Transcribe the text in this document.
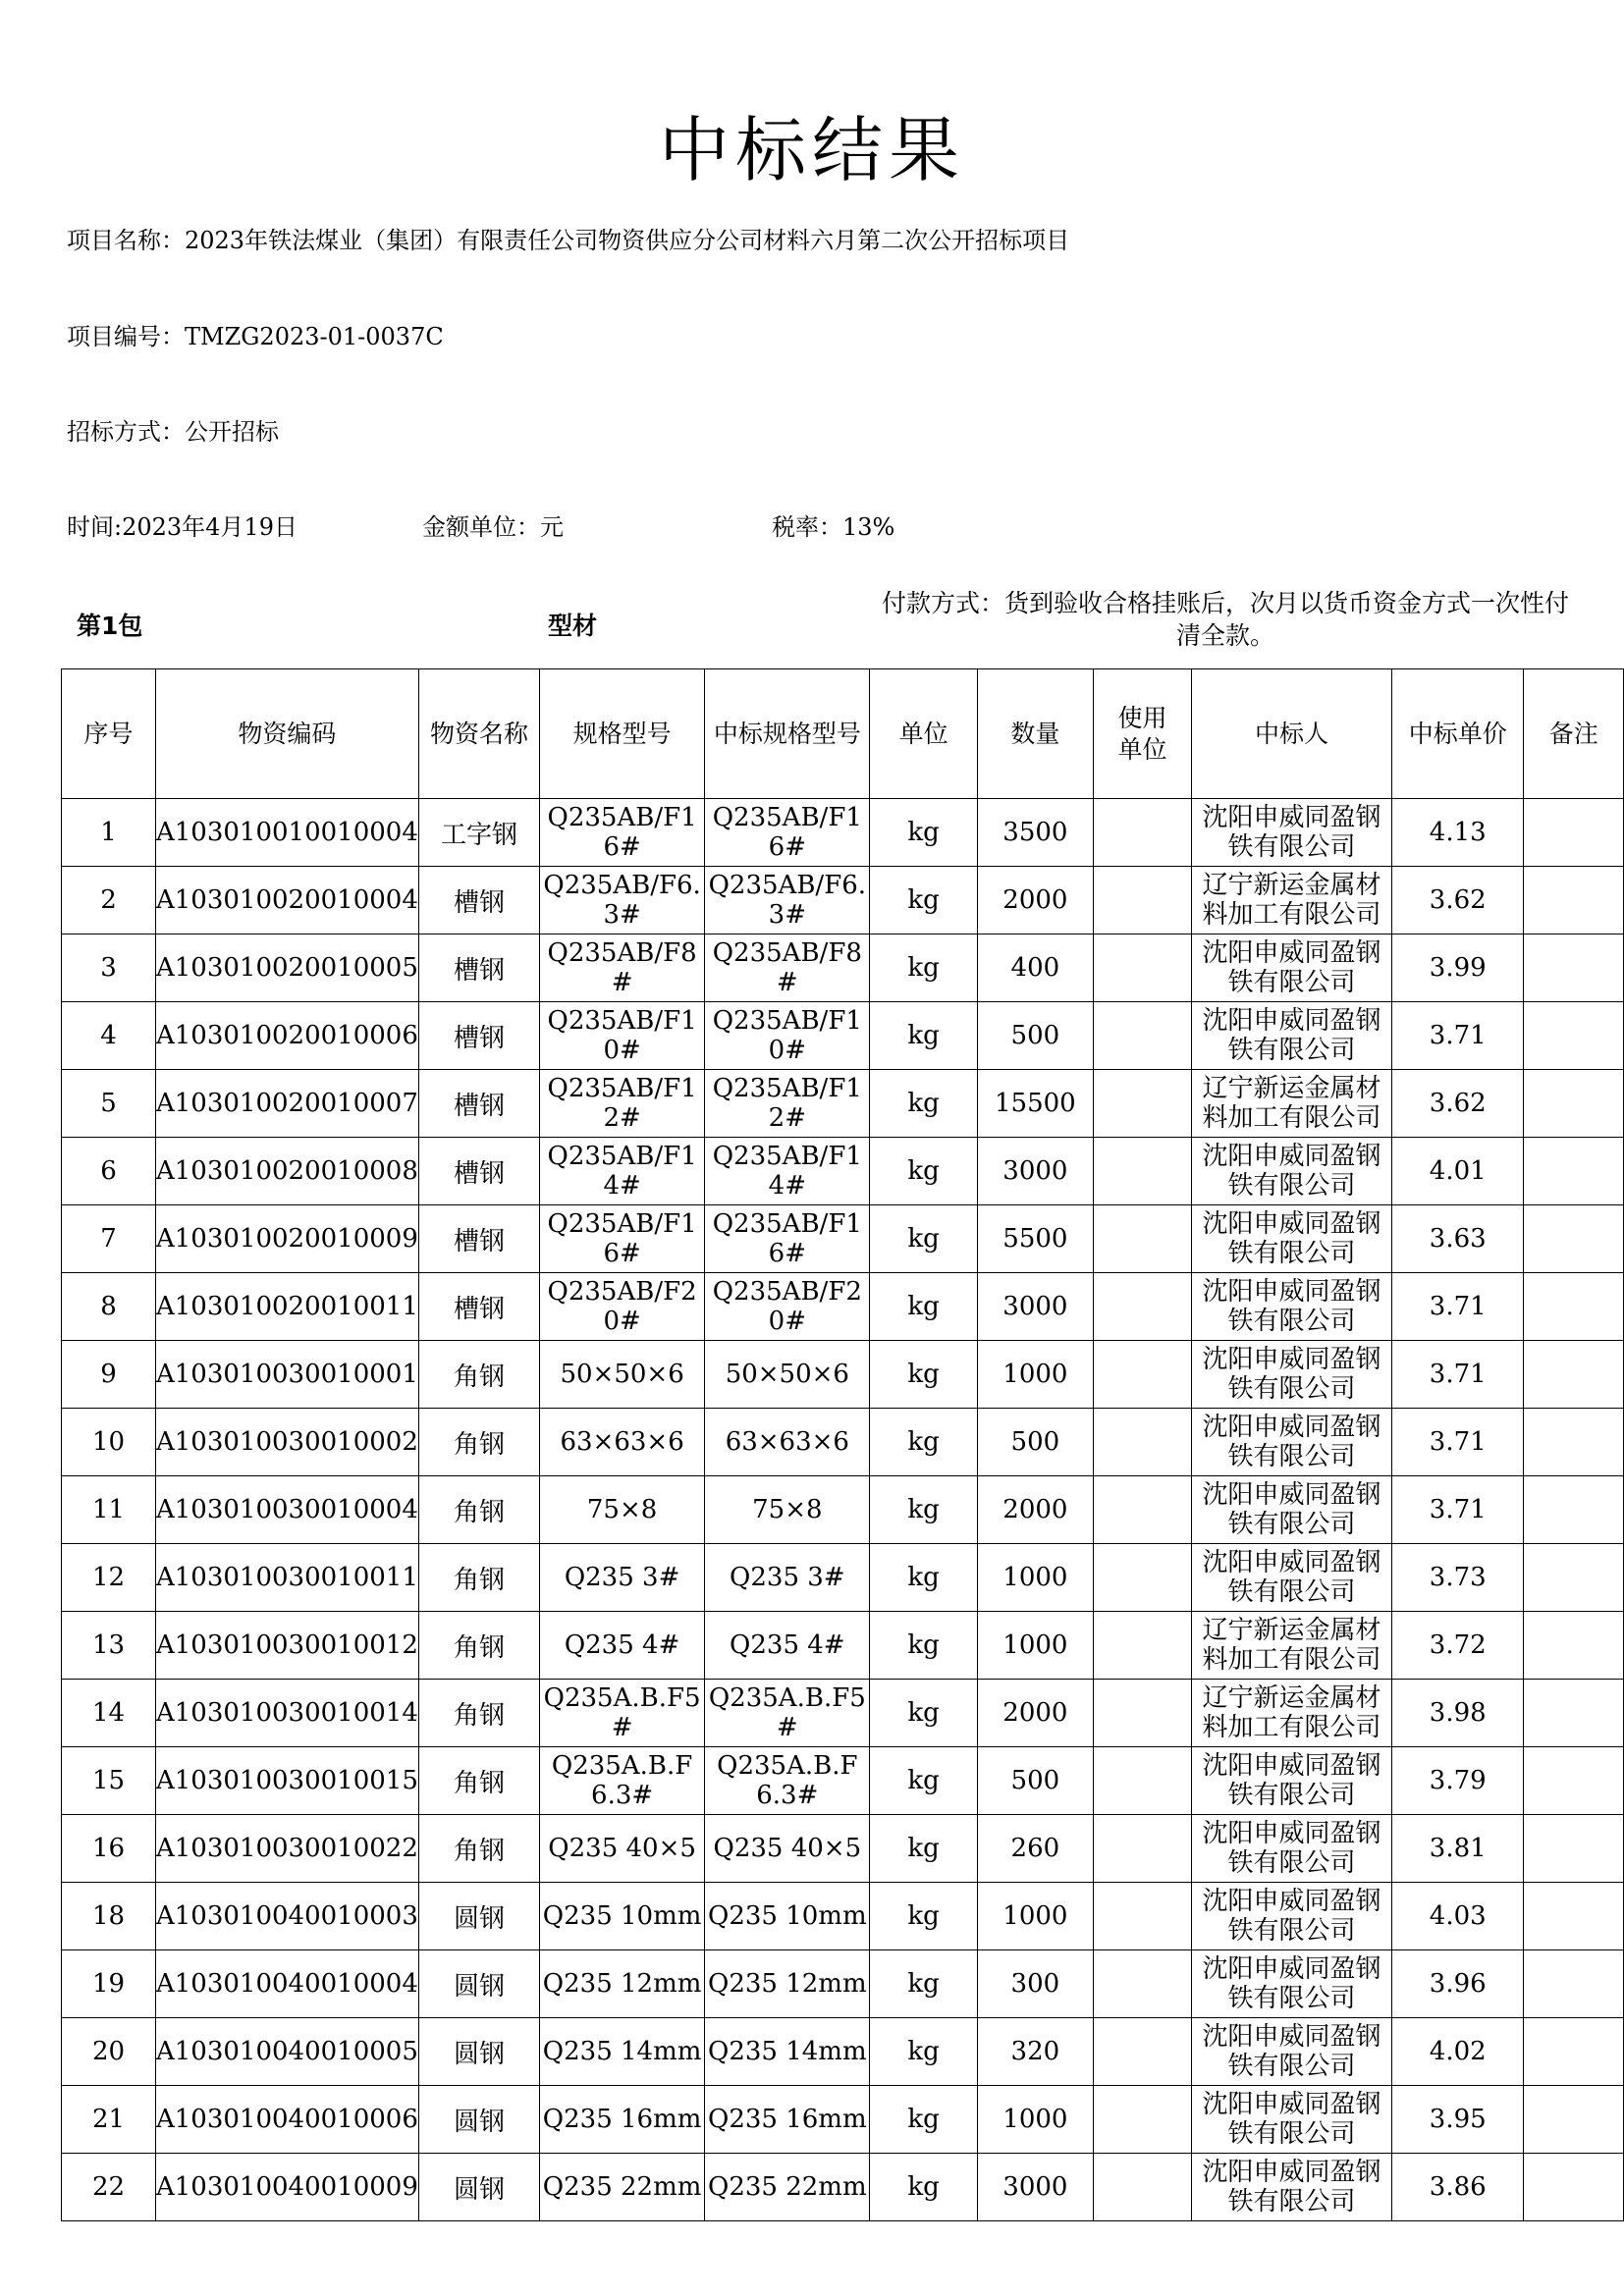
中标结果
项目名称：2023年铁法煤业（集团）有限责任公司物资供应分公司材料六月第二次公开招标项目
项目编号：TMZG2023-01-0037C
招标方式：公开招标
时间:2023年4月19日	金额单位：元	税率：13%
第1包	型材
付款方式：货到验收合格挂账后，次月以货币资金方式一次性付清全款。
序号	物资编码	物资名称	规格型号	中标规格型号	单位	数量	使用单位	中标人	中标单价	备注
1	A103010010010004	工字钢	Q235AB/F16#	Q235AB/F16#	kg	3500		沈阳申威同盈钢铁有限公司	4.13	
2	A103010020010004	槽钢	Q235AB/F6.3#	Q235AB/F6.3#	kg	2000		辽宁新运金属材料加工有限公司	3.62	
3	A103010020010005	槽钢	Q235AB/F8#	Q235AB/F8#	kg	400		沈阳申威同盈钢铁有限公司	3.99	
4	A103010020010006	槽钢	Q235AB/F10#	Q235AB/F10#	kg	500		沈阳申威同盈钢铁有限公司	3.71	
5	A103010020010007	槽钢	Q235AB/F12#	Q235AB/F12#	kg	15500		辽宁新运金属材料加工有限公司	3.62	
6	A103010020010008	槽钢	Q235AB/F14#	Q235AB/F14#	kg	3000		沈阳申威同盈钢铁有限公司	4.01	
7	A103010020010009	槽钢	Q235AB/F16#	Q235AB/F16#	kg	5500		沈阳申威同盈钢铁有限公司	3.63	
8	A103010020010011	槽钢	Q235AB/F20#	Q235AB/F20#	kg	3000		沈阳申威同盈钢铁有限公司	3.71	
9	A103010030010001	角钢	50×50×6	50×50×6	kg	1000		沈阳申威同盈钢铁有限公司	3.71	
10	A103010030010002	角钢	63×63×6	63×63×6	kg	500		沈阳申威同盈钢铁有限公司	3.71	
11	A103010030010004	角钢	75×8	75×8	kg	2000		沈阳申威同盈钢铁有限公司	3.71	
12	A103010030010011	角钢	Q235 3#	Q235 3#	kg	1000		沈阳申威同盈钢铁有限公司	3.73	
13	A103010030010012	角钢	Q235 4#	Q235 4#	kg	1000		辽宁新运金属材料加工有限公司	3.72	
14	A103010030010014	角钢	Q235A.B.F5#	Q235A.B.F5#	kg	2000		辽宁新运金属材料加工有限公司	3.98	
15	A103010030010015	角钢	Q235A.B.F6.3#	Q235A.B.F6.3#	kg	500		沈阳申威同盈钢铁有限公司	3.79	
16	A103010030010022	角钢	Q235 40×5	Q235 40×5	kg	260		沈阳申威同盈钢铁有限公司	3.81	
18	A103010040010003	圆钢	Q235 10mm	Q235 10mm	kg	1000		沈阳申威同盈钢铁有限公司	4.03	
19	A103010040010004	圆钢	Q235 12mm	Q235 12mm	kg	300		沈阳申威同盈钢铁有限公司	3.96	
20	A103010040010005	圆钢	Q235 14mm	Q235 14mm	kg	320		沈阳申威同盈钢铁有限公司	4.02	
21	A103010040010006	圆钢	Q235 16mm	Q235 16mm	kg	1000		沈阳申威同盈钢铁有限公司	3.95	
22	A103010040010009	圆钢	Q235 22mm	Q235 22mm	kg	3000		沈阳申威同盈钢铁有限公司	3.86	
